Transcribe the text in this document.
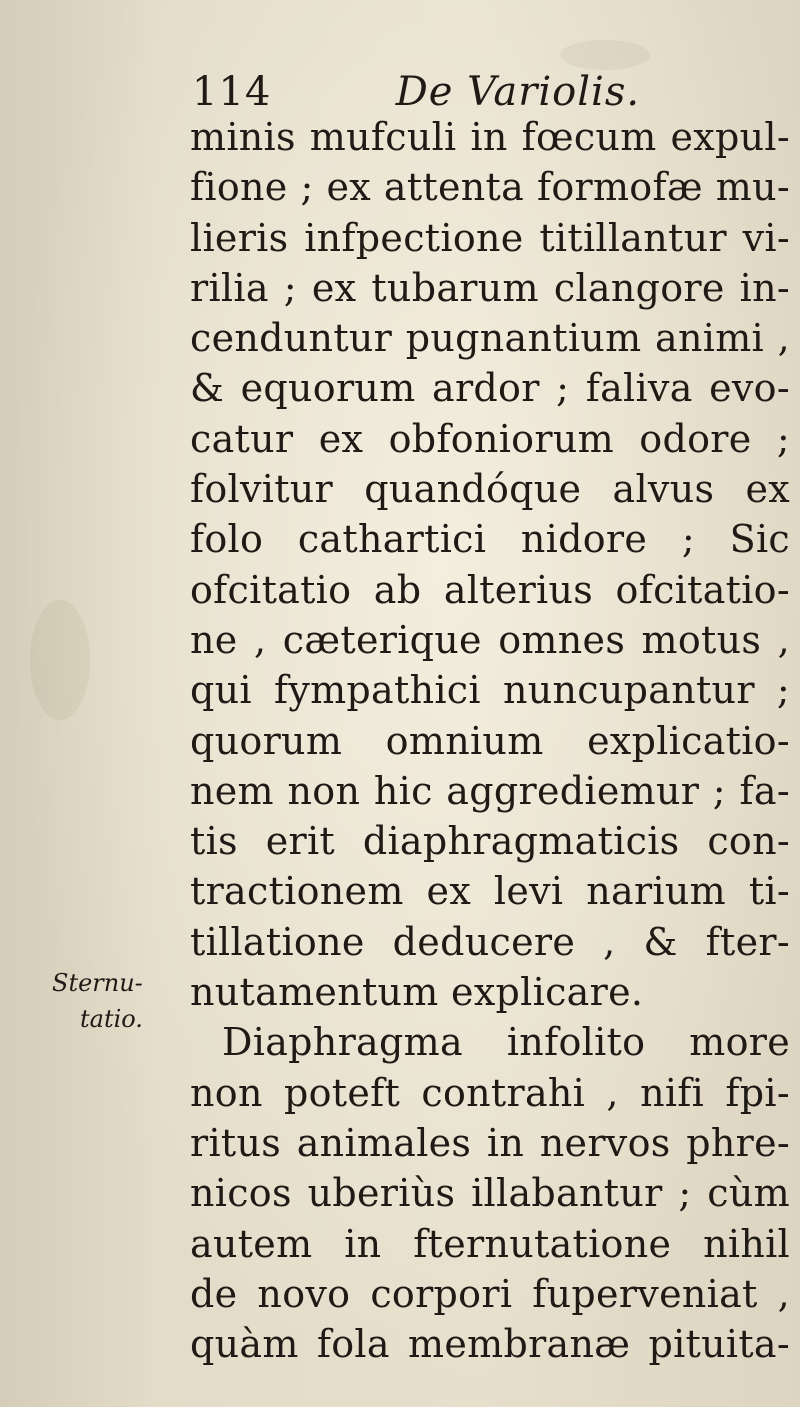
114	De Variolis.
Sternu-
tatio.
minis mufculi in fœcum expul-
fione ; ex attenta formofæ mu-
lieris infpectione titillantur vi-
rilia ; ex tubarum clangore in-
cenduntur pugnantium animi ,
& equorum ardor ; faliva evo-
catur ex obfoniorum odore ;
folvitur quandóque alvus ex
folo cathartici nidore ; Sic
ofcitatio ab alterius ofcitatio-
ne , cæterique omnes motus ,
qui fympathici nuncupantur ;
quorum omnium explicatio-
nem non hic aggrediemur ; fa-
tis erit diaphragmaticis con-
tractionem ex levi narium ti-
tillatione deducere , & fter-
nutamentum explicare.
Diaphragma infolito more
non poteft contrahi , nifi fpi-
ritus animales in nervos phre-
nicos uberiùs illabantur ; cùm
autem in fternutatione nihil
de novo corpori fuperveniat ,
quàm fola membranæ pituita-
